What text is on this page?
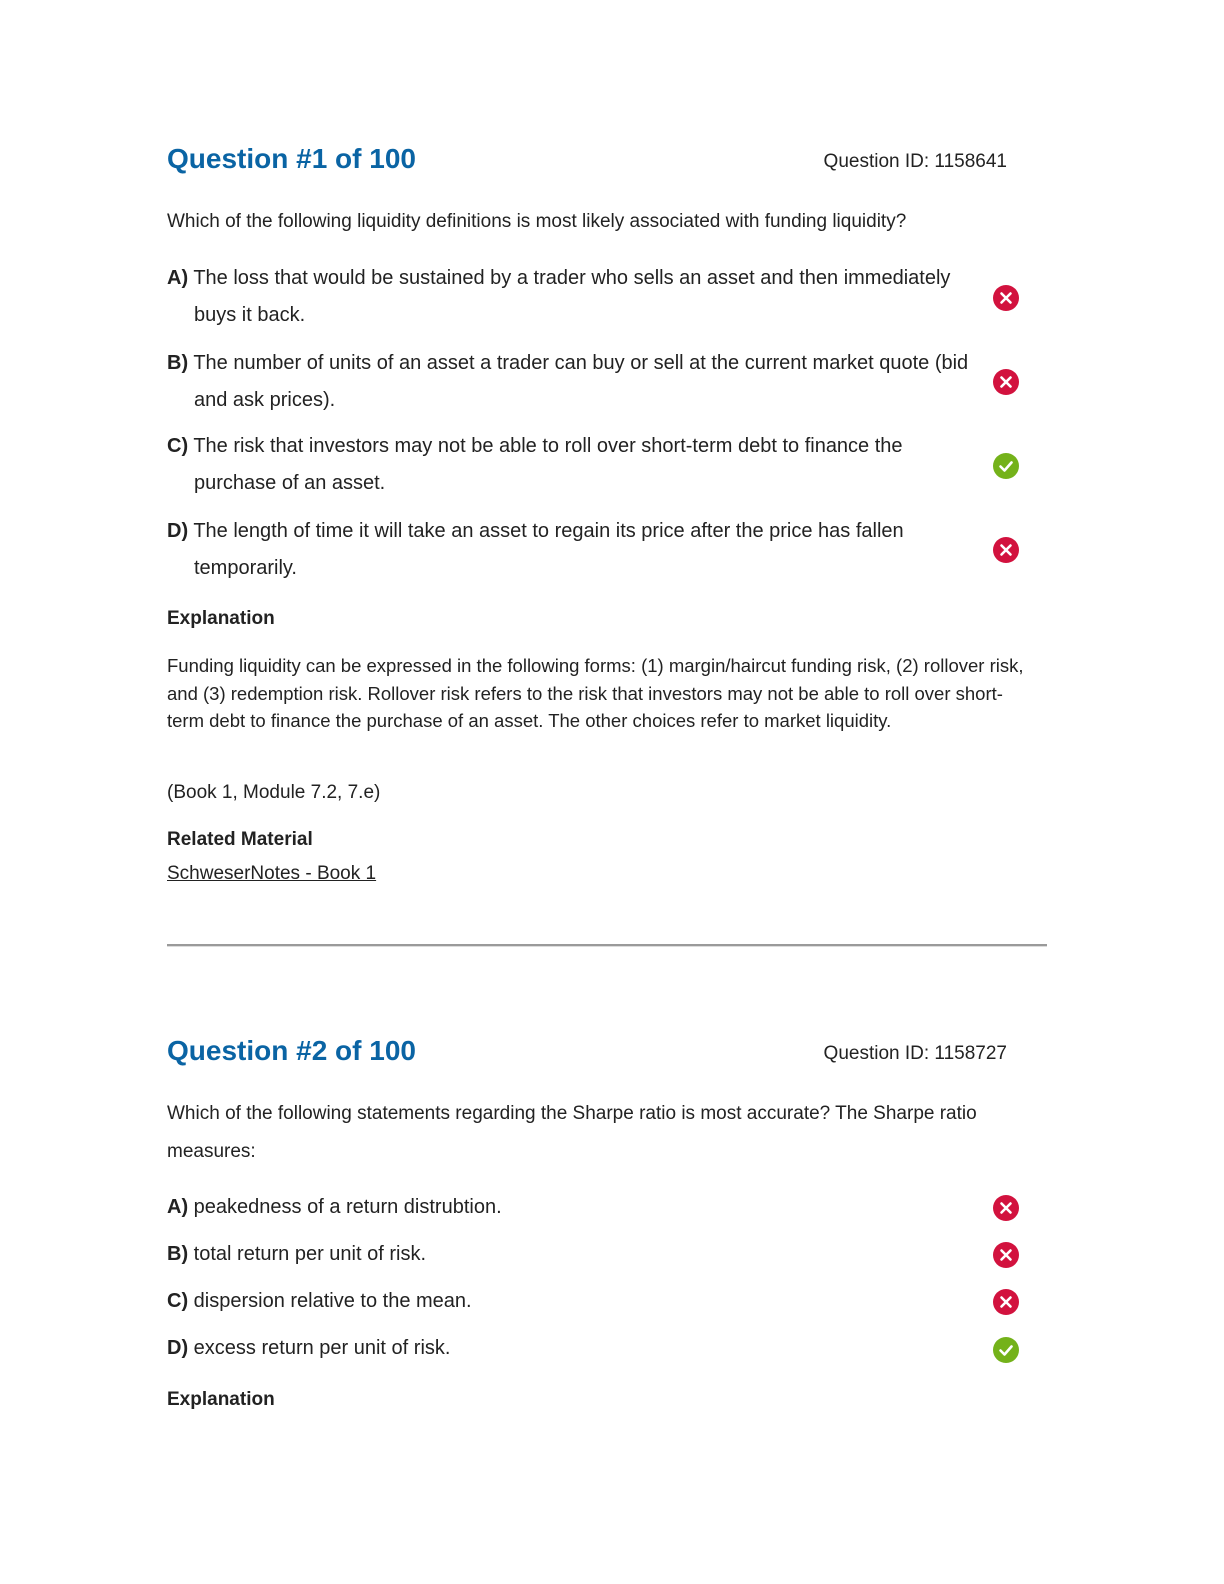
Question #1 of 100	Question ID: 1158641
Which of the following liquidity definitions is most likely associated with funding liquidity?
A) The loss that would be sustained by a trader who sells an asset and then immediately buys it back.
B) The number of units of an asset a trader can buy or sell at the current market quote (bid and ask prices).
C) The risk that investors may not be able to roll over short-term debt to finance the purchase of an asset.
D) The length of time it will take an asset to regain its price after the price has fallen temporarily.
Explanation
Funding liquidity can be expressed in the following forms: (1) margin/haircut funding risk, (2) rollover risk, and (3) redemption risk. Rollover risk refers to the risk that investors may not be able to roll over short-term debt to finance the purchase of an asset. The other choices refer to market liquidity.
(Book 1, Module 7.2, 7.e)
Related Material
SchweserNotes - Book 1
Question #2 of 100	Question ID: 1158727
Which of the following statements regarding the Sharpe ratio is most accurate? The Sharpe ratio measures:
A) peakedness of a return distrubtion.
B) total return per unit of risk.
C) dispersion relative to the mean.
D) excess return per unit of risk.
Explanation
